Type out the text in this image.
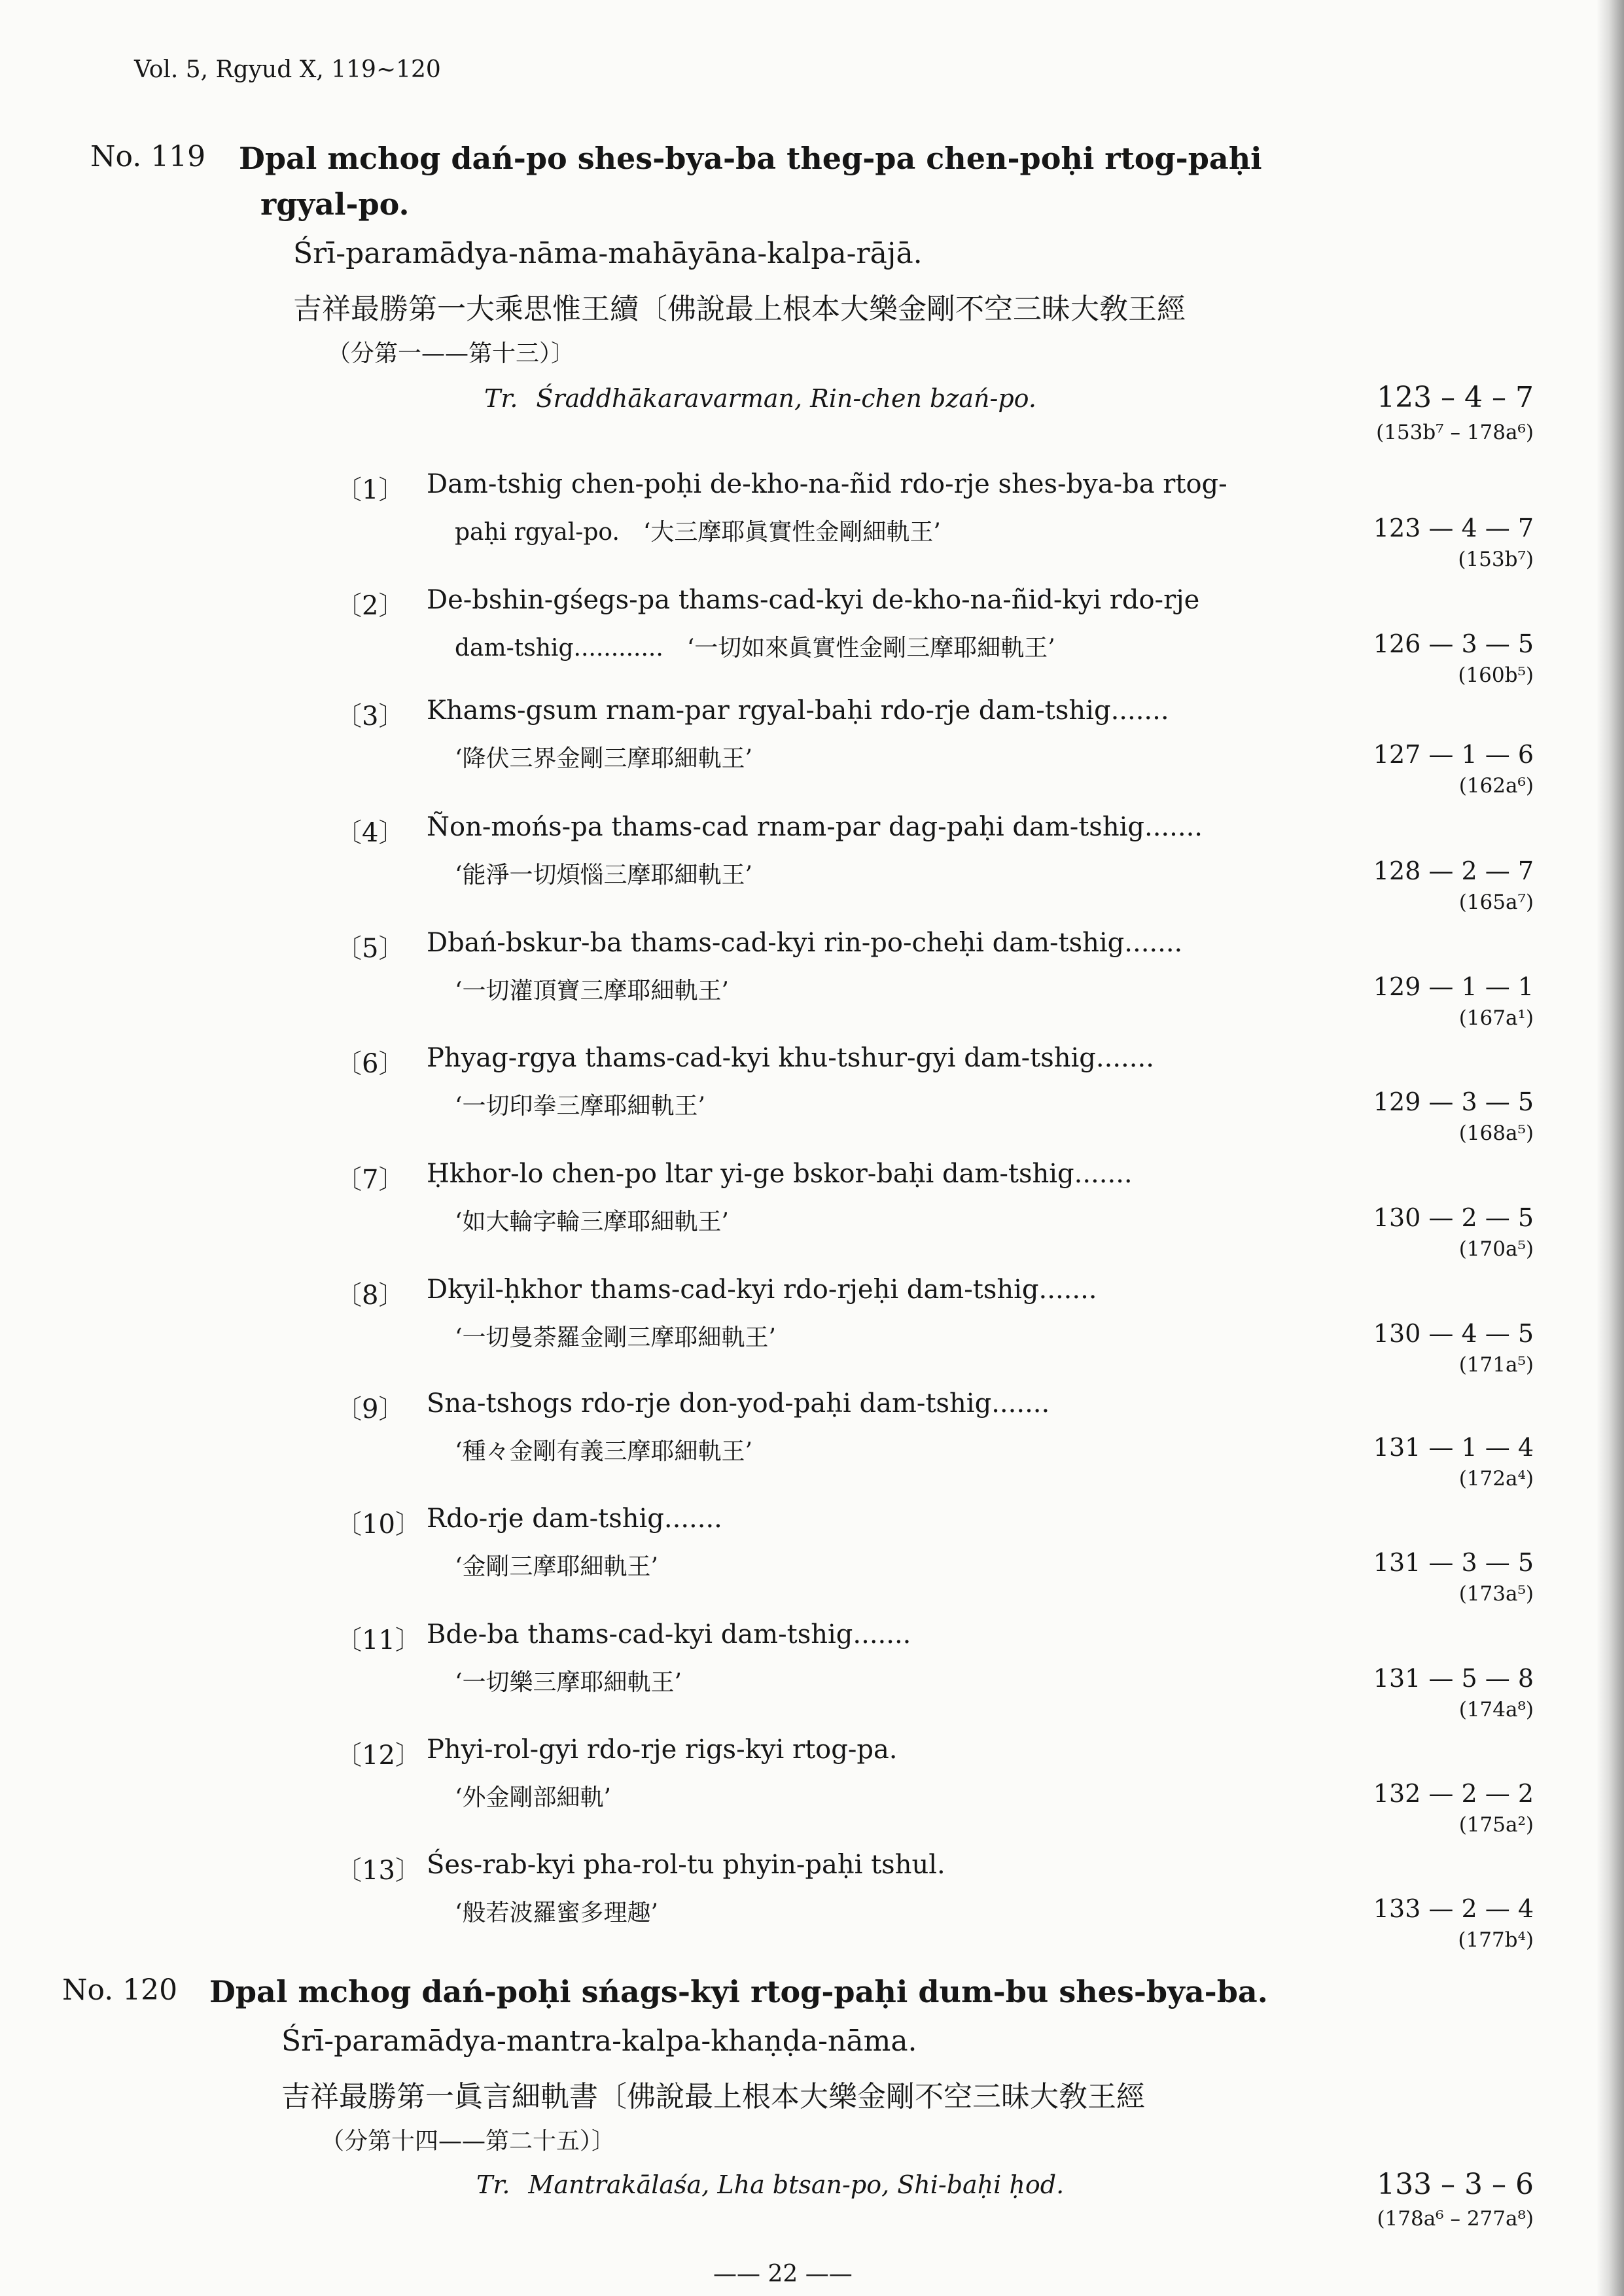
Vol. 5, Rgyud X, 119∼120
No. 119 Dpal mchog dań-po shes-bya-ba theg-pa chen-poḥi rtog-paḥi
rgyal-po.
Śrī-paramādya-nāma-mahāyāna-kalpa-rājā.
吉祥最勝第一大乘思惟王續〔佛說最上根本大樂金剛不空三昧大敎王經
（分第一——第十三）〕
Tr. Śraddhākaravarman, Rin-chen bzań-po.	123 – 4 – 7
(153b⁷ – 178a⁶)
〔1〕 Dam-tshig chen-poḥi de-kho-na-ñid rdo-rje shes-bya-ba rtog-
paḥi rgyal-po.　‘大三摩耶眞實性金剛細軌王’	123 — 4 — 7
(153b⁷)
〔2〕 De-bshin-gśegs-pa thams-cad-kyi de-kho-na-ñid-kyi rdo-rje
dam-tshig............　‘一切如來眞實性金剛三摩耶細軌王’	126 — 3 — 5
(160b⁵)
〔3〕 Khams-gsum rnam-par rgyal-baḥi rdo-rje dam-tshig.......
‘降伏三界金剛三摩耶細軌王’	127 — 1 — 6
(162a⁶)
〔4〕 Ñon-mońs-pa thams-cad rnam-par dag-paḥi dam-tshig.......
‘能淨一切煩惱三摩耶細軌王’	128 — 2 — 7
(165a⁷)
〔5〕 Dbań-bskur-ba thams-cad-kyi rin-po-cheḥi dam-tshig.......
‘一切灌頂寶三摩耶細軌王’	129 — 1 — 1
(167a¹)
〔6〕 Phyag-rgya thams-cad-kyi khu-tshur-gyi dam-tshig.......
‘一切印拳三摩耶細軌王’	129 — 3 — 5
(168a⁵)
〔7〕 Ḥkhor-lo chen-po ltar yi-ge bskor-baḥi dam-tshig.......
‘如大輪字輪三摩耶細軌王’	130 — 2 — 5
(170a⁵)
〔8〕 Dkyil-ḥkhor thams-cad-kyi rdo-rjeḥi dam-tshig.......
‘一切曼荼羅金剛三摩耶細軌王’	130 — 4 — 5
(171a⁵)
〔9〕 Sna-tshogs rdo-rje don-yod-paḥi dam-tshig.......
‘種々金剛有義三摩耶細軌王’	131 — 1 — 4
(172a⁴)
〔10〕 Rdo-rje dam-tshig.......
‘金剛三摩耶細軌王’	131 — 3 — 5
(173a⁵)
〔11〕 Bde-ba thams-cad-kyi dam-tshig.......
‘一切樂三摩耶細軌王’	131 — 5 — 8
(174a⁸)
〔12〕 Phyi-rol-gyi rdo-rje rigs-kyi rtog-pa.
‘外金剛部細軌’	132 — 2 — 2
(175a²)
〔13〕 Śes-rab-kyi pha-rol-tu phyin-paḥi tshul.
‘般若波羅蜜多理趣’	133 — 2 — 4
(177b⁴)
No. 120 Dpal mchog dań-poḥi sńags-kyi rtog-paḥi dum-bu shes-bya-ba.
Śrī-paramādya-mantra-kalpa-khaṇḍa-nāma.
吉祥最勝第一眞言細軌書〔佛說最上根本大樂金剛不空三昧大敎王經
（分第十四——第二十五）〕
Tr. Mantrakālaśa, Lha btsan-po, Shi-baḥi ḥod.	133 – 3 – 6
(178a⁶ – 277a⁸)
—— 22 ——
